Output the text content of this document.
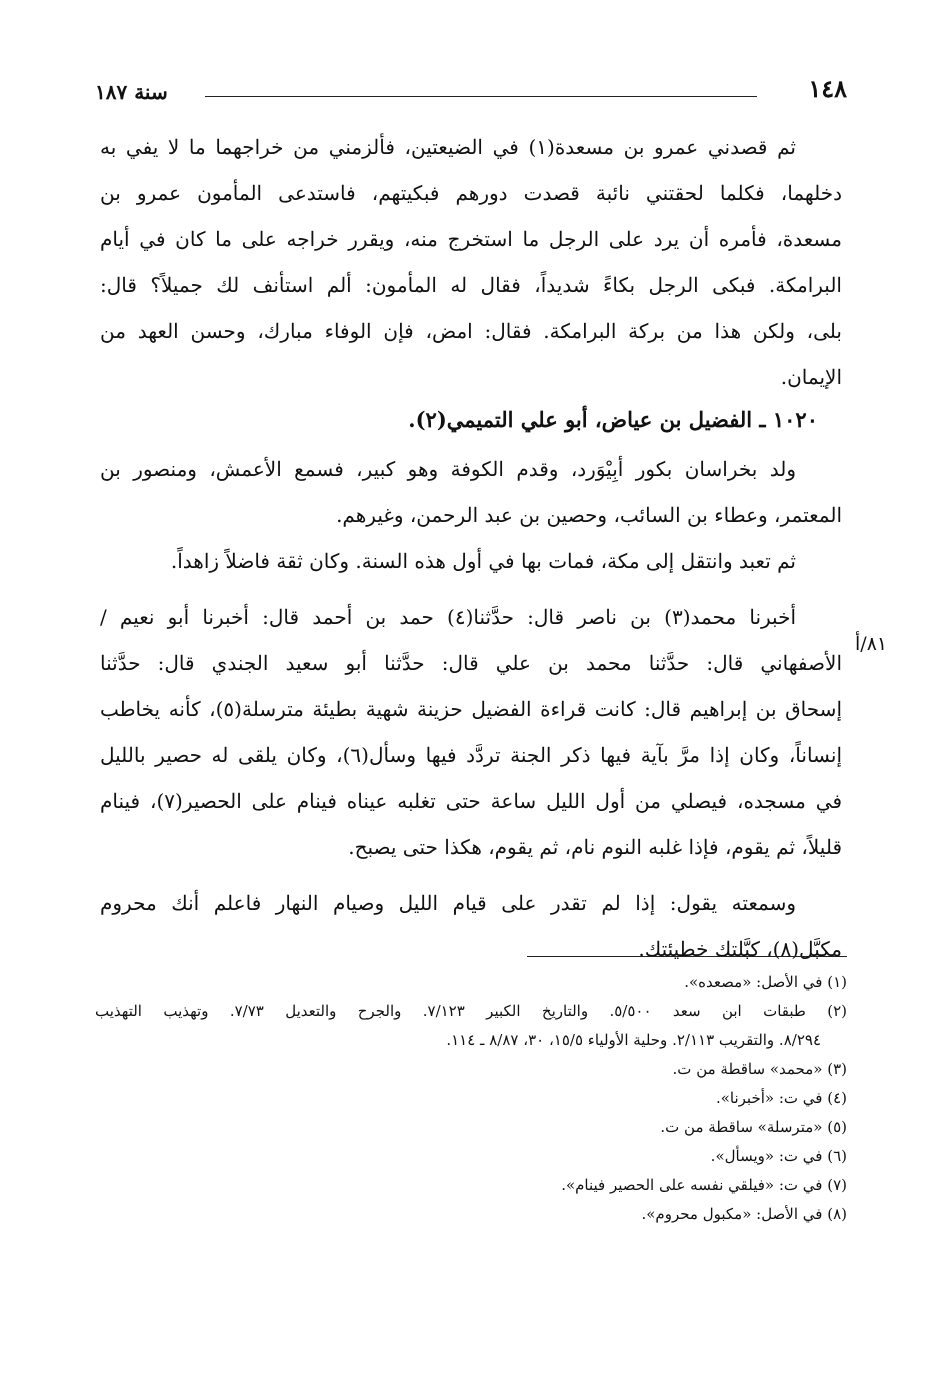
١٤٨
سنة ١٨٧

ثم قصدني عمرو بن مسعدة(١) في الضيعتين، فألزمني من خراجهما ما لا يفي به

دخلهما، فكلما لحقتني نائبة قصدت دورهم فبكيتهم، فاستدعى المأمون عمرو بن

مسعدة، فأمره أن يرد على الرجل ما استخرج منه، ويقرر خراجه على ما كان في أيام

البرامكة. فبكى الرجل بكاءً شديداً، فقال له المأمون: ألم استأنف لك جميلاً؟ قال:

بلى، ولكن هذا من بركة البرامكة. فقال: امض، فإن الوفاء مبارك، وحسن العهد من

الإيمان.

١٠٢٠ ـ الفضيل بن عياض، أبو علي التميمي(٢).

ولد بخراسان بكور أبِيْوَرد، وقدم الكوفة وهو كبير، فسمع الأعمش، ومنصور بن

المعتمر، وعطاء بن السائب، وحصين بن عبد الرحمن، وغيرهم.

ثم تعبد وانتقل إلى مكة، فمات بها في أول هذه السنة. وكان ثقة فاضلاً زاهداً.

أخبرنا محمد(٣) بن ناصر قال: حدَّثنا(٤) حمد بن أحمد قال: أخبرنا أبو نعيم /

الأصفهاني قال: حدَّثنا محمد بن علي قال: حدَّثنا أبو سعيد الجندي قال: حدَّثنا

إسحاق بن إبراهيم قال: كانت قراءة الفضيل حزينة شهية بطيئة مترسلة(٥)، كأنه يخاطب

إنساناً، وكان إذا مرَّ بآية فيها ذكر الجنة تردَّد فيها وسأل(٦)، وكان يلقى له حصير بالليل

في مسجده، فيصلي من أول الليل ساعة حتى تغلبه عيناه فينام على الحصير(٧)، فينام

قليلاً، ثم يقوم، فإذا غلبه النوم نام، ثم يقوم، هكذا حتى يصبح.

وسمعته يقول: إذا لم تقدر على قيام الليل وصيام النهار فاعلم أنك محروم

مكبَّل(٨)، كبَّلتك خطيئتك.

٨١/أ

(١) في الأصل: «مصعده».

(٢) طبقات ابن سعد ٥/٥٠٠. والتاريخ الكبير ٧/١٢٣. والجرح والتعديل ٧/٧٣. وتهذيب التهذيب

٨/٢٩٤. والتقريب ٢/١١٣. وحلية الأولياء ١٥/٥، ٣٠، ٨/٨٧ ـ ١١٤.

(٣) «محمد» ساقطة من ت.

(٤) في ت: «أخبرنا».

(٥) «مترسلة» ساقطة من ت.

(٦) في ت: «ويسأل».

(٧) في ت: «فيلقي نفسه على الحصير فينام».

(٨) في الأصل: «مكبول محروم».
